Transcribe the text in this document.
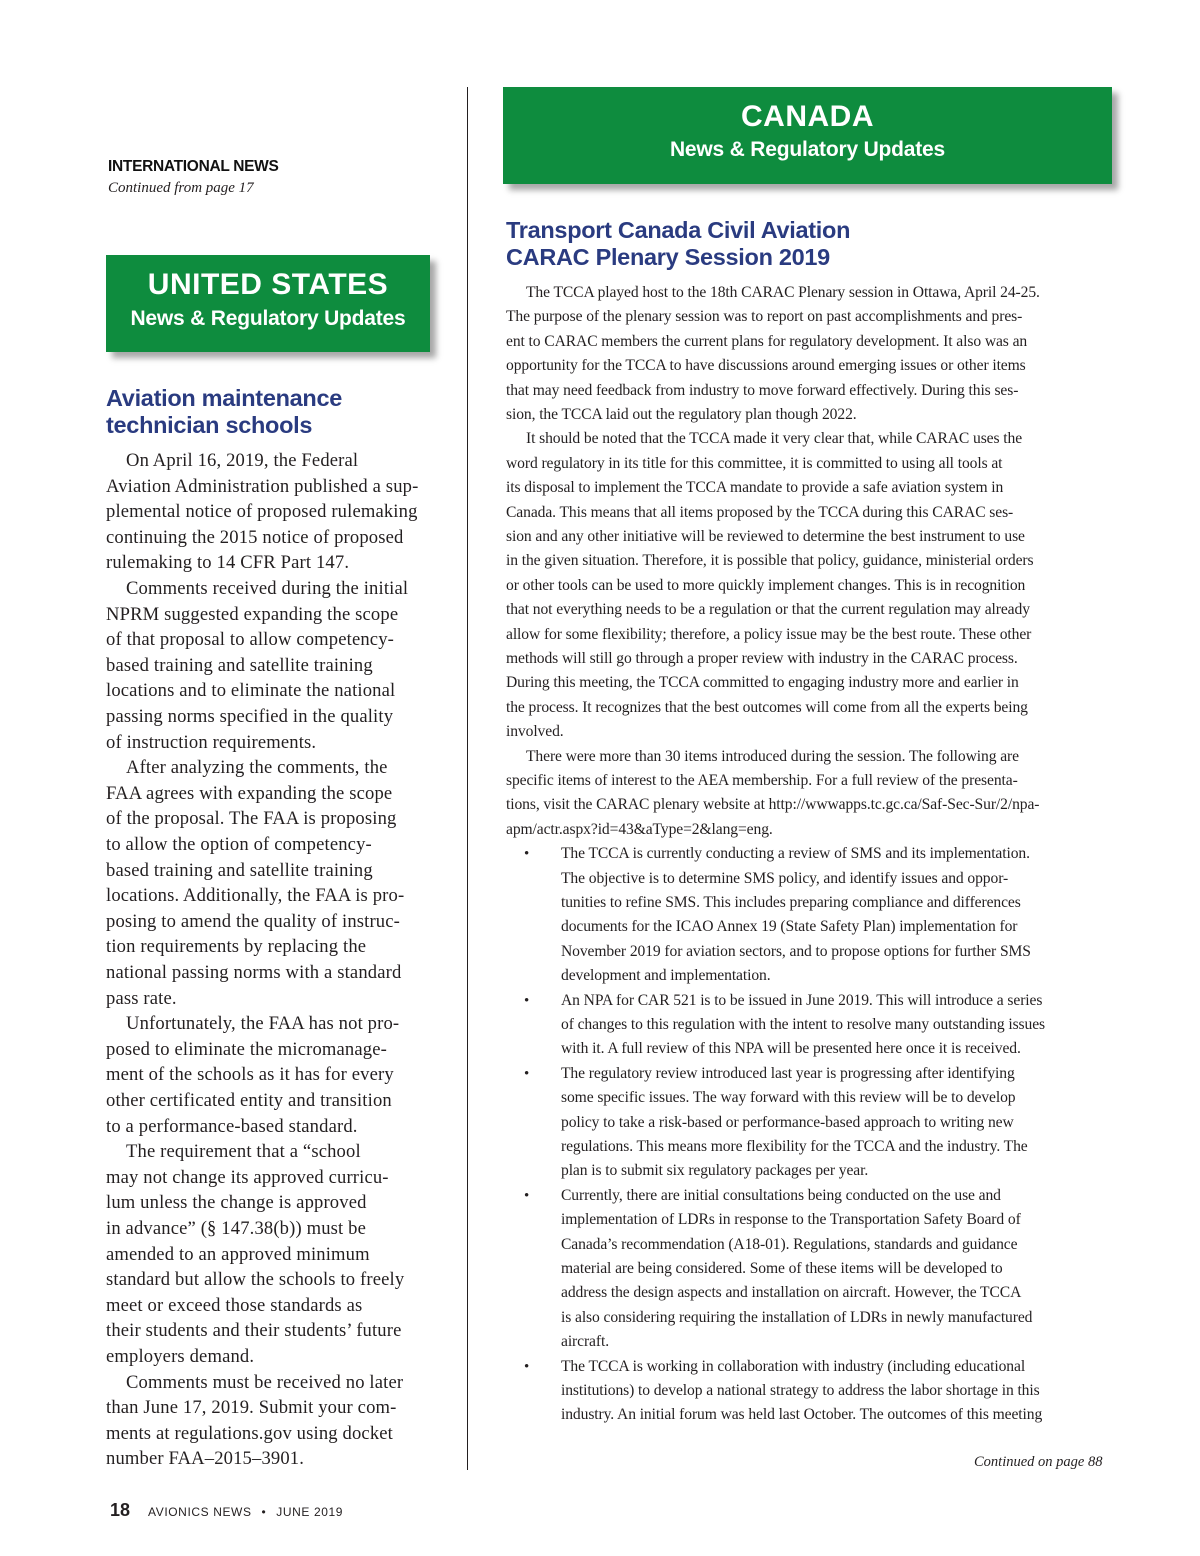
INTERNATIONAL NEWS
Continued from page 17
UNITED STATES
News & Regulatory Updates
CANADA
News & Regulatory Updates
Aviation maintenance
technician schools
Transport Canada Civil Aviation
CARAC Plenary Session 2019
On April 16, 2019, the Federal
Aviation Administration published a sup-
plemental notice of proposed rulemaking
continuing the 2015 notice of proposed
rulemaking to 14 CFR Part 147.
Comments received during the initial
NPRM suggested expanding the scope
of that proposal to allow competency-
based training and satellite training
locations and to eliminate the national
passing norms specified in the quality
of instruction requirements.
After analyzing the comments, the
FAA agrees with expanding the scope
of the proposal. The FAA is proposing
to allow the option of competency-
based training and satellite training
locations. Additionally, the FAA is pro-
posing to amend the quality of instruc-
tion requirements by replacing the
national passing norms with a standard
pass rate.
Unfortunately, the FAA has not pro-
posed to eliminate the micromanage-
ment of the schools as it has for every
other certificated entity and transition
to a performance-based standard.
The requirement that a “school
may not change its approved curricu-
lum unless the change is approved
in advance” (§ 147.38(b)) must be
amended to an approved minimum
standard but allow the schools to freely
meet or exceed those standards as
their students and their students’ future
employers demand.
Comments must be received no later
than June 17, 2019. Submit your com-
ments at regulations.gov using docket
number FAA–2015–3901.
The TCCA played host to the 18th CARAC Plenary session in Ottawa, April 24-25.
The purpose of the plenary session was to report on past accomplishments and pres-
ent to CARAC members the current plans for regulatory development. It also was an
opportunity for the TCCA to have discussions around emerging issues or other items
that may need feedback from industry to move forward effectively. During this ses-
sion, the TCCA laid out the regulatory plan though 2022.
It should be noted that the TCCA made it very clear that, while CARAC uses the
word regulatory in its title for this committee, it is committed to using all tools at
its disposal to implement the TCCA mandate to provide a safe aviation system in
Canada. This means that all items proposed by the TCCA during this CARAC ses-
sion and any other initiative will be reviewed to determine the best instrument to use
in the given situation. Therefore, it is possible that policy, guidance, ministerial orders
or other tools can be used to more quickly implement changes. This is in recognition
that not everything needs to be a regulation or that the current regulation may already
allow for some flexibility; therefore, a policy issue may be the best route. These other
methods will still go through a proper review with industry in the CARAC process.
During this meeting, the TCCA committed to engaging industry more and earlier in
the process. It recognizes that the best outcomes will come from all the experts being
involved.
There were more than 30 items introduced during the session. The following are
specific items of interest to the AEA membership. For a full review of the presenta-
tions, visit the CARAC plenary website at http://wwwapps.tc.gc.ca/Saf-Sec-Sur/2/npa-
apm/actr.aspx?id=43&aType=2&lang=eng.
The TCCA is currently conducting a review of SMS and its implementation.
•
The objective is to determine SMS policy, and identify issues and oppor-
tunities to refine SMS. This includes preparing compliance and differences
documents for the ICAO Annex 19 (State Safety Plan) implementation for
November 2019 for aviation sectors, and to propose options for further SMS
development and implementation.
An NPA for CAR 521 is to be issued in June 2019. This will introduce a series
•
of changes to this regulation with the intent to resolve many outstanding issues
with it. A full review of this NPA will be presented here once it is received.
The regulatory review introduced last year is progressing after identifying
•
some specific issues. The way forward with this review will be to develop
policy to take a risk-based or performance-based approach to writing new
regulations. This means more flexibility for the TCCA and the industry. The
plan is to submit six regulatory packages per year.
Currently, there are initial consultations being conducted on the use and
•
implementation of LDRs in response to the Transportation Safety Board of
Canada’s recommendation (A18-01). Regulations, standards and guidance
material are being considered. Some of these items will be developed to
address the design aspects and installation on aircraft. However, the TCCA
is also considering requiring the installation of LDRs in newly manufactured
aircraft.
The TCCA is working in collaboration with industry (including educational
•
institutions) to develop a national strategy to address the labor shortage in this
industry. An initial forum was held last October. The outcomes of this meeting
Continued on page 88
18 AVIONICS NEWS • JUNE 2019
